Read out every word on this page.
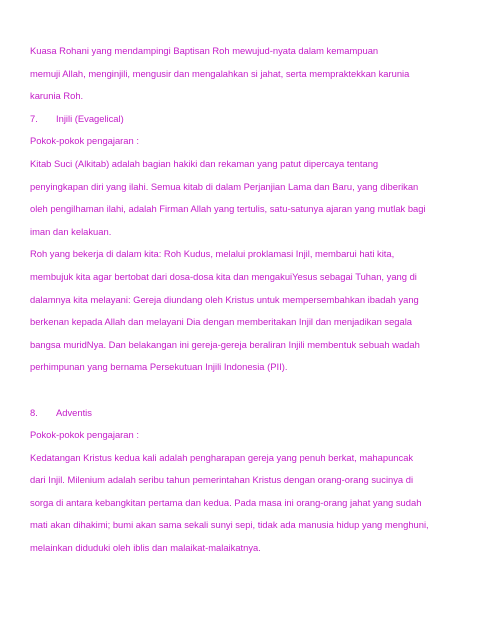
Kuasa Rohani yang mendampingi Baptisan Roh mewujud-nyata dalam kemampuan
memuji Allah, menginjili, mengusir dan mengalahkan si jahat, serta mempraktekkan karunia
karunia Roh.
7. Injili (Evagelical)
Pokok-pokok pengajaran :
Kitab Suci (Alkitab) adalah bagian hakiki dan rekaman yang patut dipercaya tentang
penyingkapan diri yang ilahi. Semua kitab di dalam Perjanjian Lama dan Baru, yang diberikan
oleh pengilhaman ilahi, adalah Firman Allah yang tertulis, satu-satunya ajaran yang mutlak bagi
iman dan kelakuan.
Roh yang bekerja di dalam kita: Roh Kudus, melalui proklamasi Injil, membarui hati kita,
membujuk kita agar bertobat dari dosa-dosa kita dan mengakuiYesus sebagai Tuhan, yang di
dalamnya kita melayani: Gereja diundang oleh Kristus untuk mempersembahkan ibadah yang
berkenan kepada Allah dan melayani Dia dengan memberitakan Injil dan menjadikan segala
bangsa muridNya. Dan belakangan ini gereja-gereja beraliran Injili membentuk sebuah wadah
perhimpunan yang bernama Persekutuan Injili Indonesia (PII).
8. Adventis
Pokok-pokok pengajaran :
Kedatangan Kristus kedua kali adalah pengharapan gereja yang penuh berkat, mahapuncak
dari Injil. Milenium adalah seribu tahun pemerintahan Kristus dengan orang-orang sucinya di
sorga di antara kebangkitan pertama dan kedua. Pada masa ini orang-orang jahat yang sudah
mati akan dihakimi; bumi akan sama sekali sunyi sepi, tidak ada manusia hidup yang menghuni,
melainkan diduduki oleh iblis dan malaikat-malaikatnya.
